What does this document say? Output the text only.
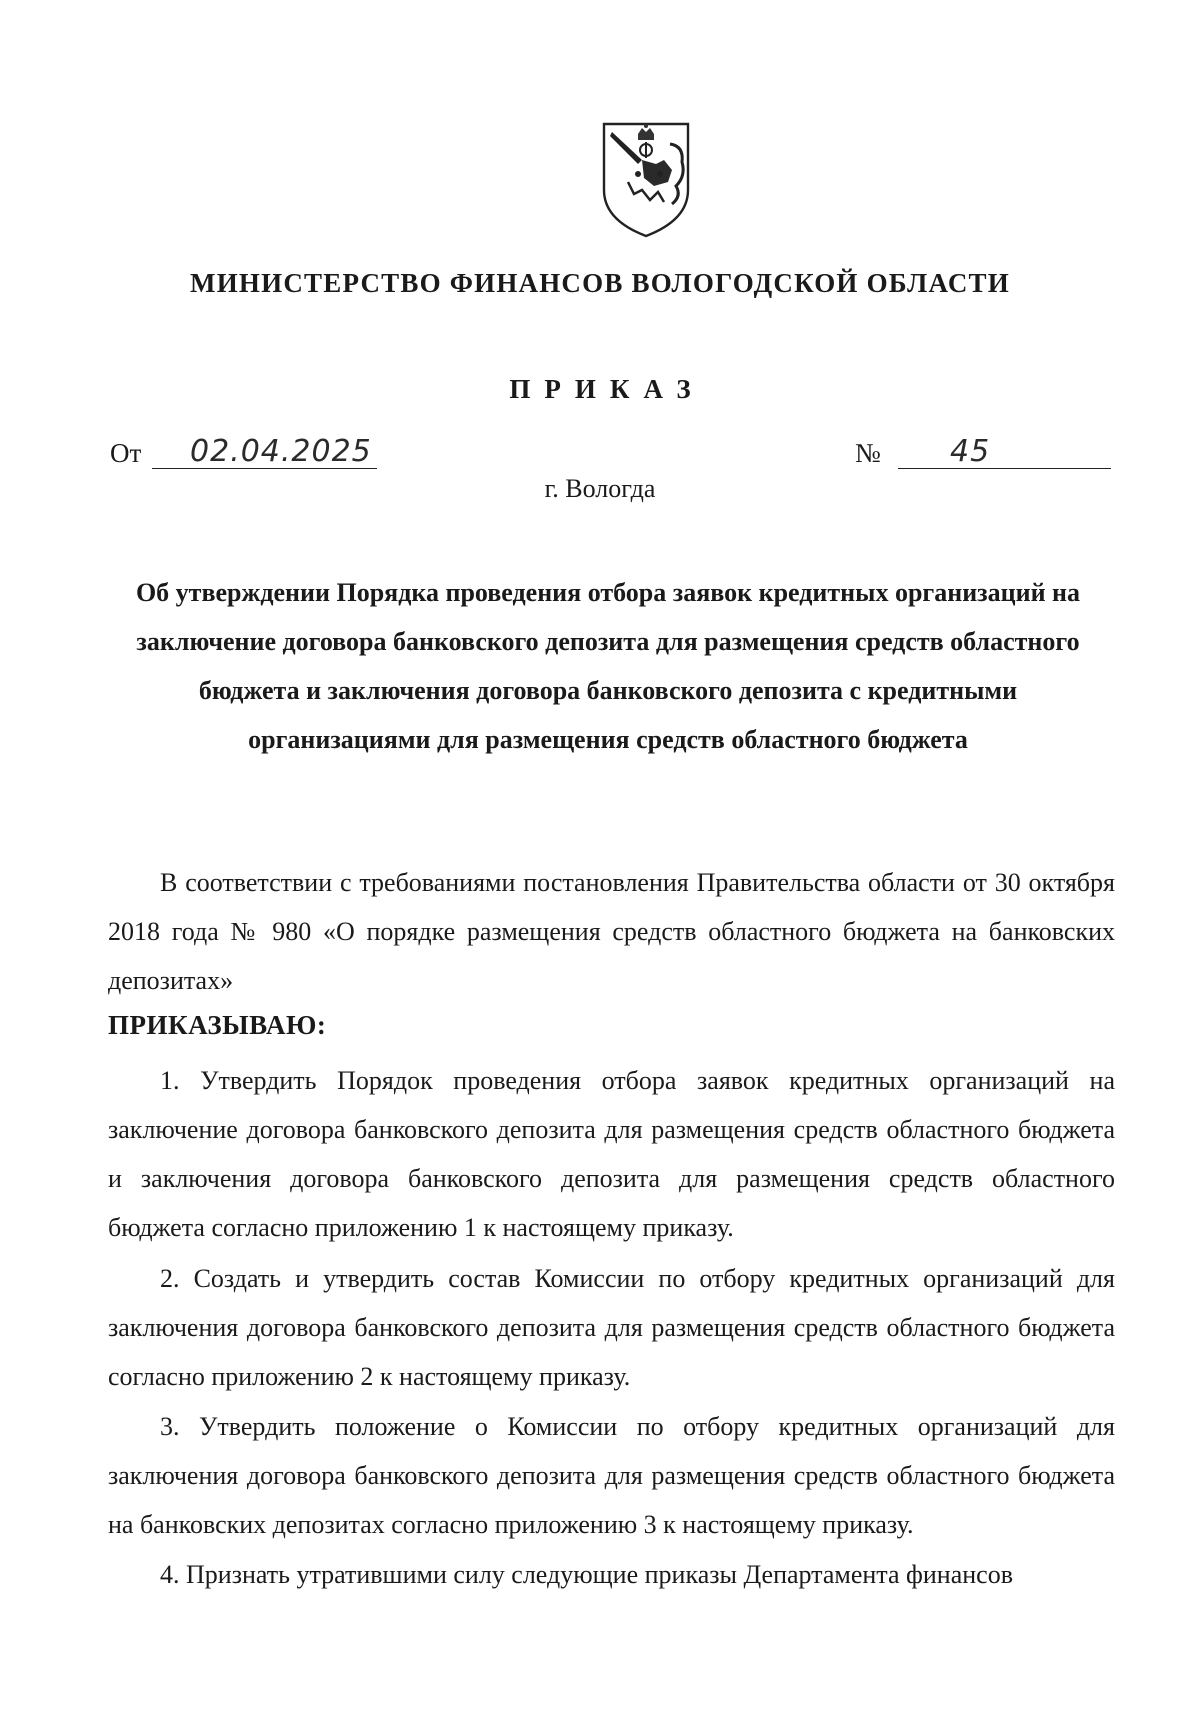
МИНИСТЕРСТВО ФИНАНСОВ ВОЛОГОДСКОЙ ОБЛАСТИ
ПРИКАЗ
От 02.04.2025	№ 45
г. Вологда
Об утверждении Порядка проведения отбора заявок кредитных организаций на заключение договора банковского депозита для размещения средств областного бюджета и заключения договора банковского депозита с кредитными организациями для размещения средств областного бюджета

В соответствии с требованиями постановления Правительства области от 30 октября 2018 года № 980 «О порядке размещения средств областного бюджета на банковских депозитах»

ПРИКАЗЫВАЮ:

1. Утвердить Порядок проведения отбора заявок кредитных организаций на заключение договора банковского депозита для размещения средств областного бюджета и заключения договора банковского депозита для размещения средств областного бюджета согласно приложению 1 к настоящему приказу.

2. Создать и утвердить состав Комиссии по отбору кредитных организаций для заключения договора банковского депозита для размещения средств областного бюджета согласно приложению 2 к настоящему приказу.

3. Утвердить положение о Комиссии по отбору кредитных организаций для заключения договора банковского депозита для размещения средств областного бюджета на банковских депозитах согласно приложению 3 к настоящему приказу.

4. Признать утратившими силу следующие приказы Департамента финансов
